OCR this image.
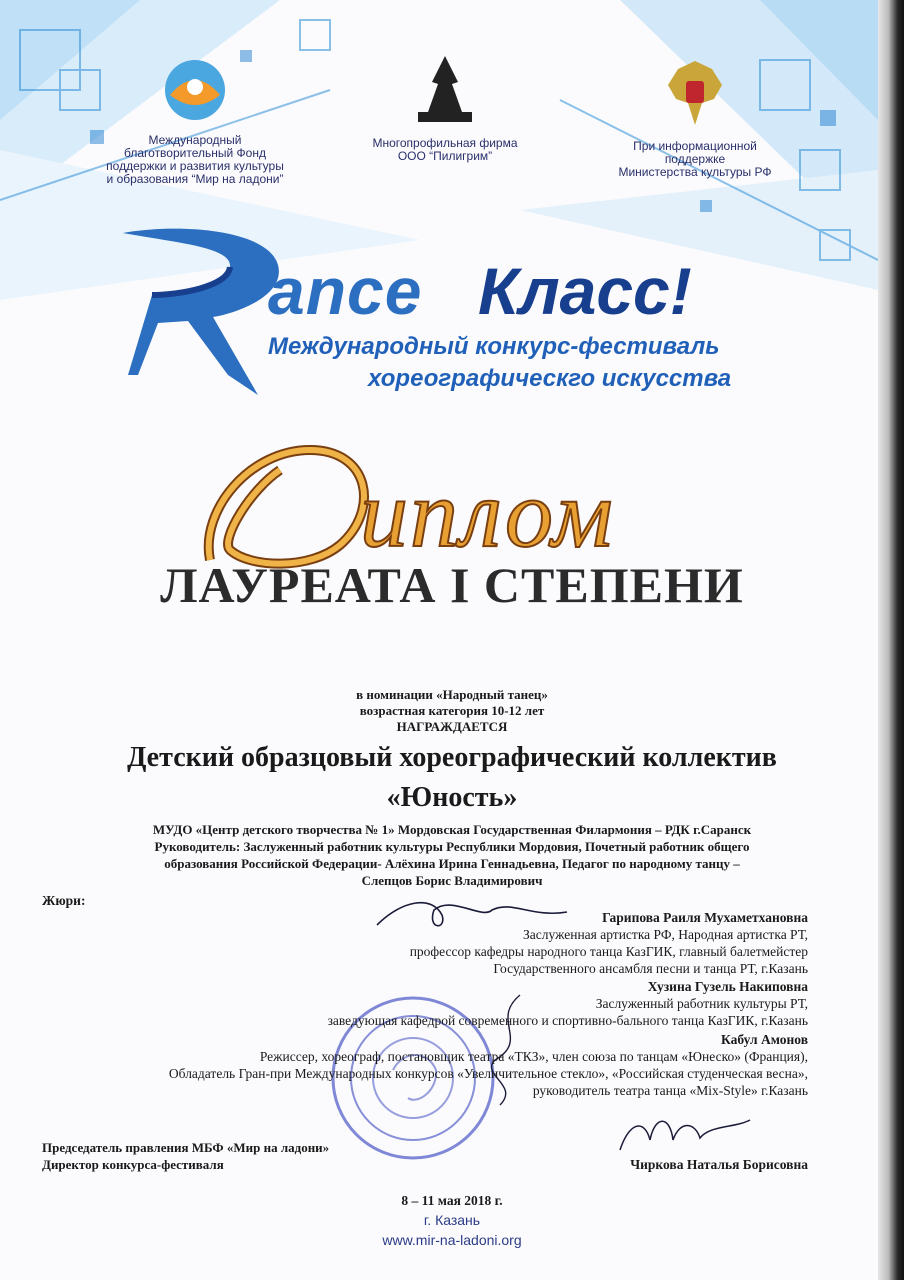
Международный
благотворительный Фонд
поддержки и развития культуры
и образования “Мир на ладони”
Многопрофильная фирма
ООО “Пилигрим”
При информационной
поддержке
Министерства культуры РФ
ance Класс!
Международный конкурс-фестиваль
хореографическго искусства
иплом
ЛАУРЕАТА I СТЕПЕНИ
в номинации «Народный танец»
возрастная категория 10-12 лет
НАГРАЖДАЕТСЯ
Детский образцовый хореографический коллектив
«Юность»
МУДО «Центр детского творчества № 1» Мордовская Государственная Филармония – РДК г.Саранск
Руководитель: Заслуженный работник культуры Республики Мордовия, Почетный работник общего
образования Российской Федерации- Алёхина Ирина Геннадьевна, Педагог по народному танцу –
Слепцов Борис Владимирович
Жюри:
Гарипова Раиля Мухаметхановна
Заслуженная артистка РФ, Народная артистка РТ,
профессор кафедры народного танца КазГИК, главный балетмейстер
Государственного ансамбля песни и танца РТ, г.Казань
Хузина Гузель Накиповна
Заслуженный работник культуры РТ,
заведующая кафедрой современного и спортивно-бального танца КазГИК, г.Казань
Кабул Амонов
Режиссер, хореограф, постановщик театра «ТКЗ», член союза по танцам «Юнеско» (Франция),
Обладатель Гран-при Международных конкурсов «Увеличительное стекло», «Российская студенческая весна»,
руководитель театра танца «Mix-Style» г.Казань
Председатель правления МБФ «Мир на ладони»
Директор конкурса-фестиваля	Чиркова Наталья Борисовна
8 – 11 мая 2018 г.
г. Казань
www.mir-na-ladoni.org
